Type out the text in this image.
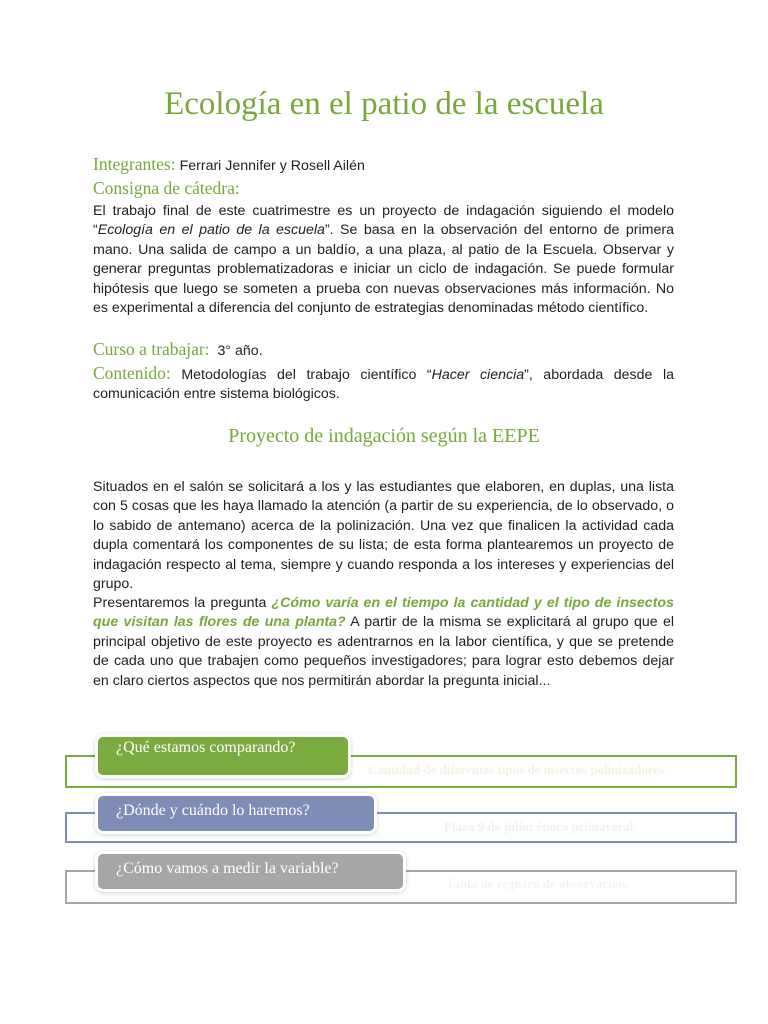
Ecología en el patio de la escuela
Integrantes: Ferrari Jennifer y Rosell Ailén
Consigna de cátedra:
El trabajo final de este cuatrimestre es un proyecto de indagación siguiendo el modelo “Ecología en el patio de la escuela”. Se basa en la observación del entorno de primera mano. Una salida de campo a un baldío, a una plaza, al patio de la Escuela. Observar y generar preguntas problematizadoras e iniciar un ciclo de indagación. Se puede formular hipótesis que luego se someten a prueba con nuevas observaciones más información. No es experimental a diferencia del conjunto de estrategias denominadas método científico.
Curso a trabajar: 3° año.
Contenido: Metodologías del trabajo científico “Hacer ciencia”, abordada desde la comunicación entre sistema biológicos.
Proyecto de indagación según la EEPE
Situados en el salón se solicitará a los y las estudiantes que elaboren, en duplas, una lista con 5 cosas que les haya llamado la atención (a partir de su experiencia, de lo observado, o lo sabido de antemano) acerca de la polinización. Una vez que finalicen la actividad cada dupla comentará los componentes de su lista; de esta forma plantearemos un proyecto de indagación respecto al tema, siempre y cuando responda a los intereses y experiencias del grupo.
Presentaremos la pregunta ¿Cómo varía en el tiempo la cantidad y el tipo de insectos que visitan las flores de una planta? A partir de la misma se explicitará al grupo que el principal objetivo de este proyecto es adentrarnos en la labor científica, y que se pretende de cada uno que trabajen como pequeños investigadores; para lograr esto debemos dejar en claro ciertos aspectos que nos permitirán abordar la pregunta inicial...
Cantidad de diferentes tipos de insectos polinizadores.
¿Qué estamos comparando?
Plaza 9 de julio; época primaveral.
¿Dónde y cuándo lo haremos?
Tabla de registro de observación.
¿Cómo vamos a medir la variable?
